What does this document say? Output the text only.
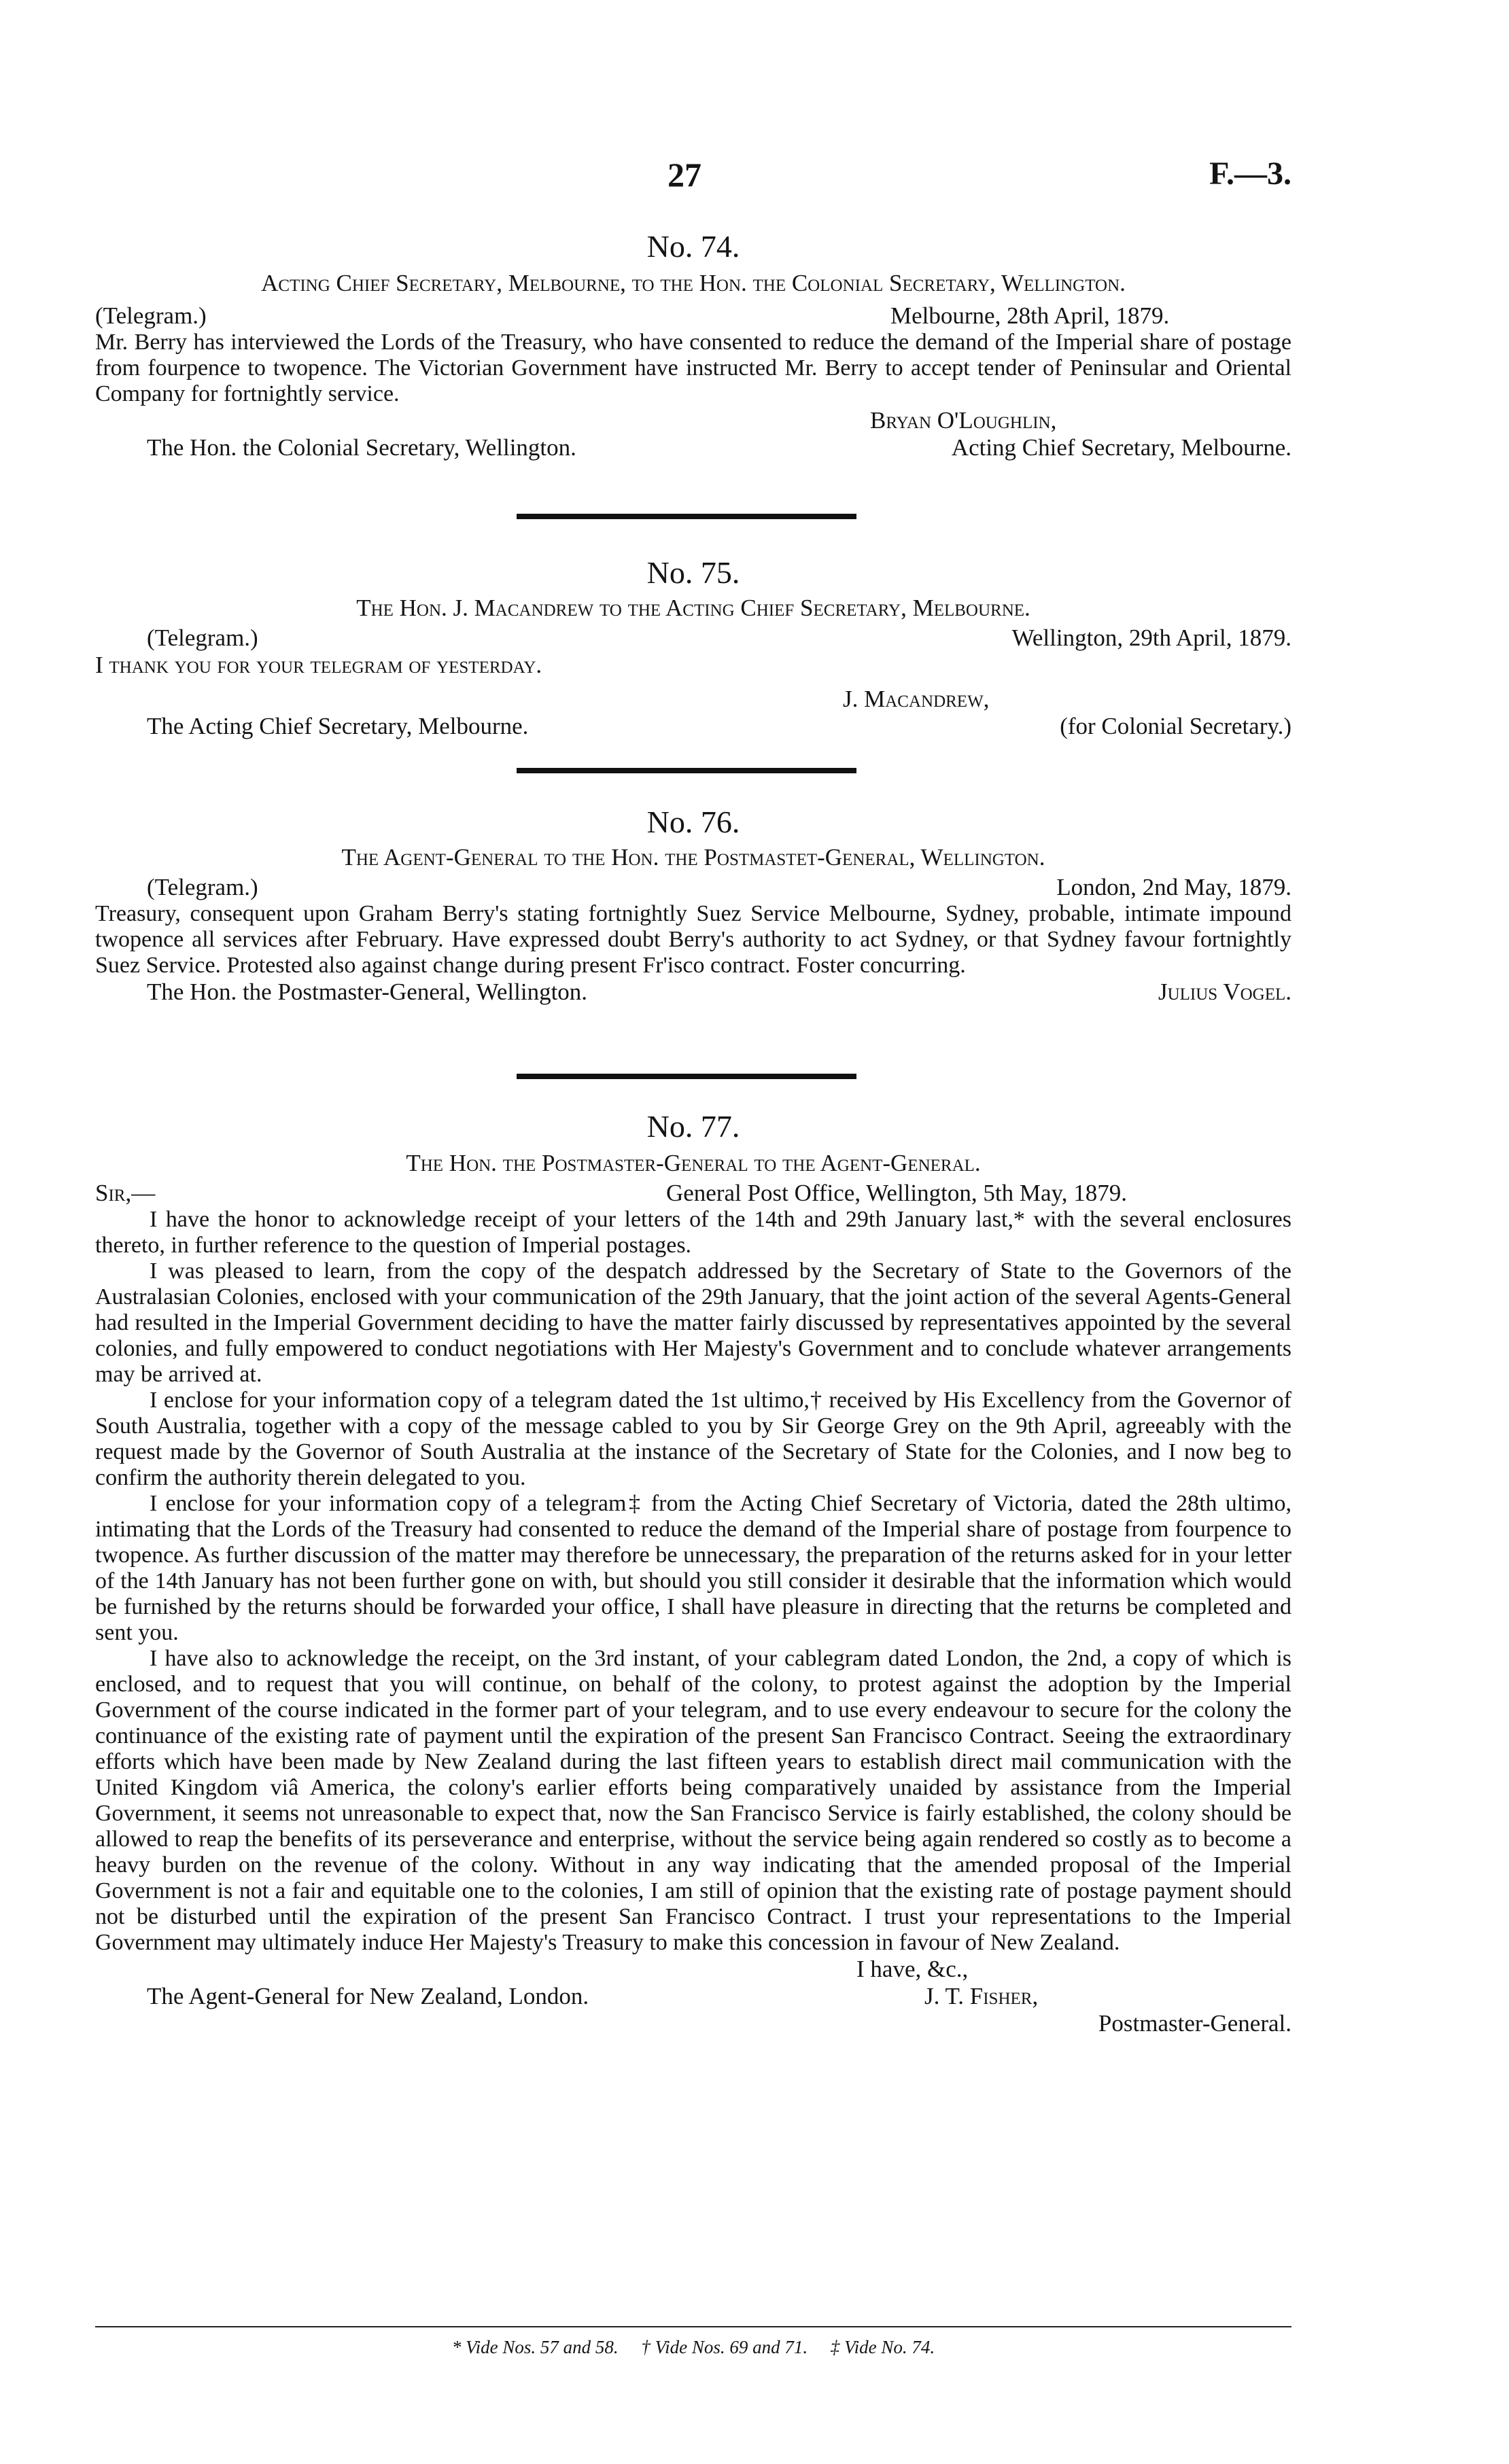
27	F.—3.
No. 74.
Acting Chief Secretary, Melbourne, to the Hon. the Colonial Secretary, Wellington.
(Telegram.)	Melbourne, 28th April, 1879.
Mr. Berry has interviewed the Lords of the Treasury, who have consented to reduce the demand of the Imperial share of postage from fourpence to twopence. The Victorian Government have instructed Mr. Berry to accept tender of Peninsular and Oriental Company for fortnightly service.
Bryan O'Loughlin,
The Hon. the Colonial Secretary, Wellington.	Acting Chief Secretary, Melbourne.
No. 75.
The Hon. J. Macandrew to the Acting Chief Secretary, Melbourne.
(Telegram.)	Wellington, 29th April, 1879.
I thank you for your telegram of yesterday.
J. Macandrew,
The Acting Chief Secretary, Melbourne.	(for Colonial Secretary.)
No. 76.
The Agent-General to the Hon. the Postmastet-General, Wellington.
(Telegram.)	London, 2nd May, 1879.
Treasury, consequent upon Graham Berry's stating fortnightly Suez Service Melbourne, Sydney, probable, intimate impound twopence all services after February. Have expressed doubt Berry's authority to act Sydney, or that Sydney favour fortnightly Suez Service. Protested also against change during present Fr'isco contract. Foster concurring.
The Hon. the Postmaster-General, Wellington.	Julius Vogel.
No. 77.
The Hon. the Postmaster-General to the Agent-General.
Sir,—	General Post Office, Wellington, 5th May, 1879.

I have the honor to acknowledge receipt of your letters of the 14th and 29th January last,* with the several enclosures thereto, in further reference to the question of Imperial postages.

I was pleased to learn, from the copy of the despatch addressed by the Secretary of State to the Governors of the Australasian Colonies, enclosed with your communication of the 29th January, that the joint action of the several Agents-General had resulted in the Imperial Government deciding to have the matter fairly discussed by representatives appointed by the several colonies, and fully empowered to conduct negotiations with Her Majesty's Government and to conclude whatever arrangements may be arrived at.

I enclose for your information copy of a telegram dated the 1st ultimo,† received by His Excellency from the Governor of South Australia, together with a copy of the message cabled to you by Sir George Grey on the 9th April, agreeably with the request made by the Governor of South Australia at the instance of the Secretary of State for the Colonies, and I now beg to confirm the authority therein delegated to you.

I enclose for your information copy of a telegram‡ from the Acting Chief Secretary of Victoria, dated the 28th ultimo, intimating that the Lords of the Treasury had consented to reduce the demand of the Imperial share of postage from fourpence to twopence. As further discussion of the matter may therefore be unnecessary, the preparation of the returns asked for in your letter of the 14th January has not been further gone on with, but should you still consider it desirable that the information which would be furnished by the returns should be forwarded your office, I shall have pleasure in directing that the returns be completed and sent you.

I have also to acknowledge the receipt, on the 3rd instant, of your cablegram dated London, the 2nd, a copy of which is enclosed, and to request that you will continue, on behalf of the colony, to protest against the adoption by the Imperial Government of the course indicated in the former part of your telegram, and to use every endeavour to secure for the colony the continuance of the existing rate of payment until the expiration of the present San Francisco Contract. Seeing the extraordinary efforts which have been made by New Zealand during the last fifteen years to establish direct mail communication with the United Kingdom viâ America, the colony's earlier efforts being comparatively unaided by assistance from the Imperial Government, it seems not unreasonable to expect that, now the San Francisco Service is fairly established, the colony should be allowed to reap the benefits of its perseverance and enterprise, without the service being again rendered so costly as to become a heavy burden on the revenue of the colony. Without in any way indicating that the amended proposal of the Imperial Government is not a fair and equitable one to the colonies, I am still of opinion that the existing rate of postage payment should not be disturbed until the expiration of the present San Francisco Contract. I trust your representations to the Imperial Government may ultimately induce Her Majesty's Treasury to make this concession in favour of New Zealand.

I have, &c.,
The Agent-General for New Zealand, London.	J. T. Fisher,
Postmaster-General.
* Vide Nos. 57 and 58. † Vide Nos. 69 and 71. ‡ Vide No. 74.
